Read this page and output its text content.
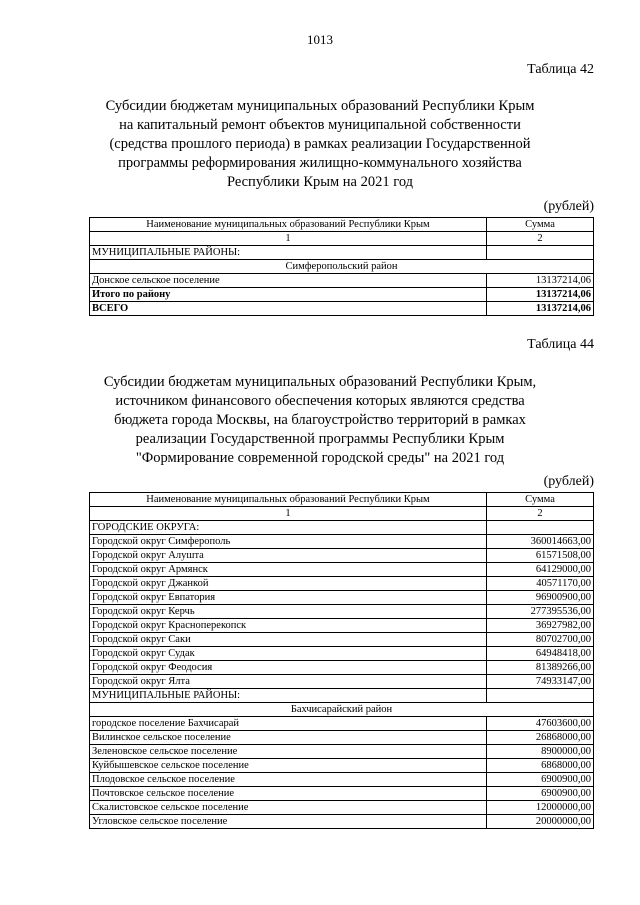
1013
Таблица 42
Субсидии бюджетам муниципальных образований Республики Крым
на капитальный ремонт объектов муниципальной собственности
(средства прошлого периода) в рамках реализации Государственной
программы реформирования жилищно-коммунального хозяйства
Республики Крым на 2021 год
(рублей)
Наименование муниципальных образований Республики Крым	Сумма
1	2
МУНИЦИПАЛЬНЫЕ РАЙОНЫ:	
Симферопольский район	
Донское сельское поселение	13137214,06
Итого по району	13137214,06
ВСЕГО	13137214,06
Таблица 44
Субсидии бюджетам муниципальных образований Республики Крым,
источником финансового обеспечения которых являются средства
бюджета города Москвы, на благоустройство территорий в рамках
реализации Государственной программы Республики Крым
"Формирование современной городской среды" на 2021 год
(рублей)
Наименование муниципальных образований Республики Крым	Сумма
1	2
ГОРОДСКИЕ ОКРУГА:	
Городской округ Симферополь	360014663,00
Городской округ Алушта	61571508,00
Городской округ Армянск	64129000,00
Городской округ Джанкой	40571170,00
Городской округ Евпатория	96900900,00
Городской округ Керчь	277395536,00
Городской округ Красноперекопск	36927982,00
Городской округ Саки	80702700,00
Городской округ Судак	64948418,00
Городской округ Феодосия	81389266,00
Городской округ Ялта	74933147,00
МУНИЦИПАЛЬНЫЕ РАЙОНЫ:	
Бахчисарайский район	
городское поселение Бахчисарай	47603600,00
Вилинское сельское поселение	26868000,00
Зеленовское сельское поселение	8900000,00
Куйбышевское сельское поселение	6868000,00
Плодовское сельское поселение	6900900,00
Почтовское сельское поселение	6900900,00
Скалистовское сельское поселение	12000000,00
Угловское сельское поселение	20000000,00
